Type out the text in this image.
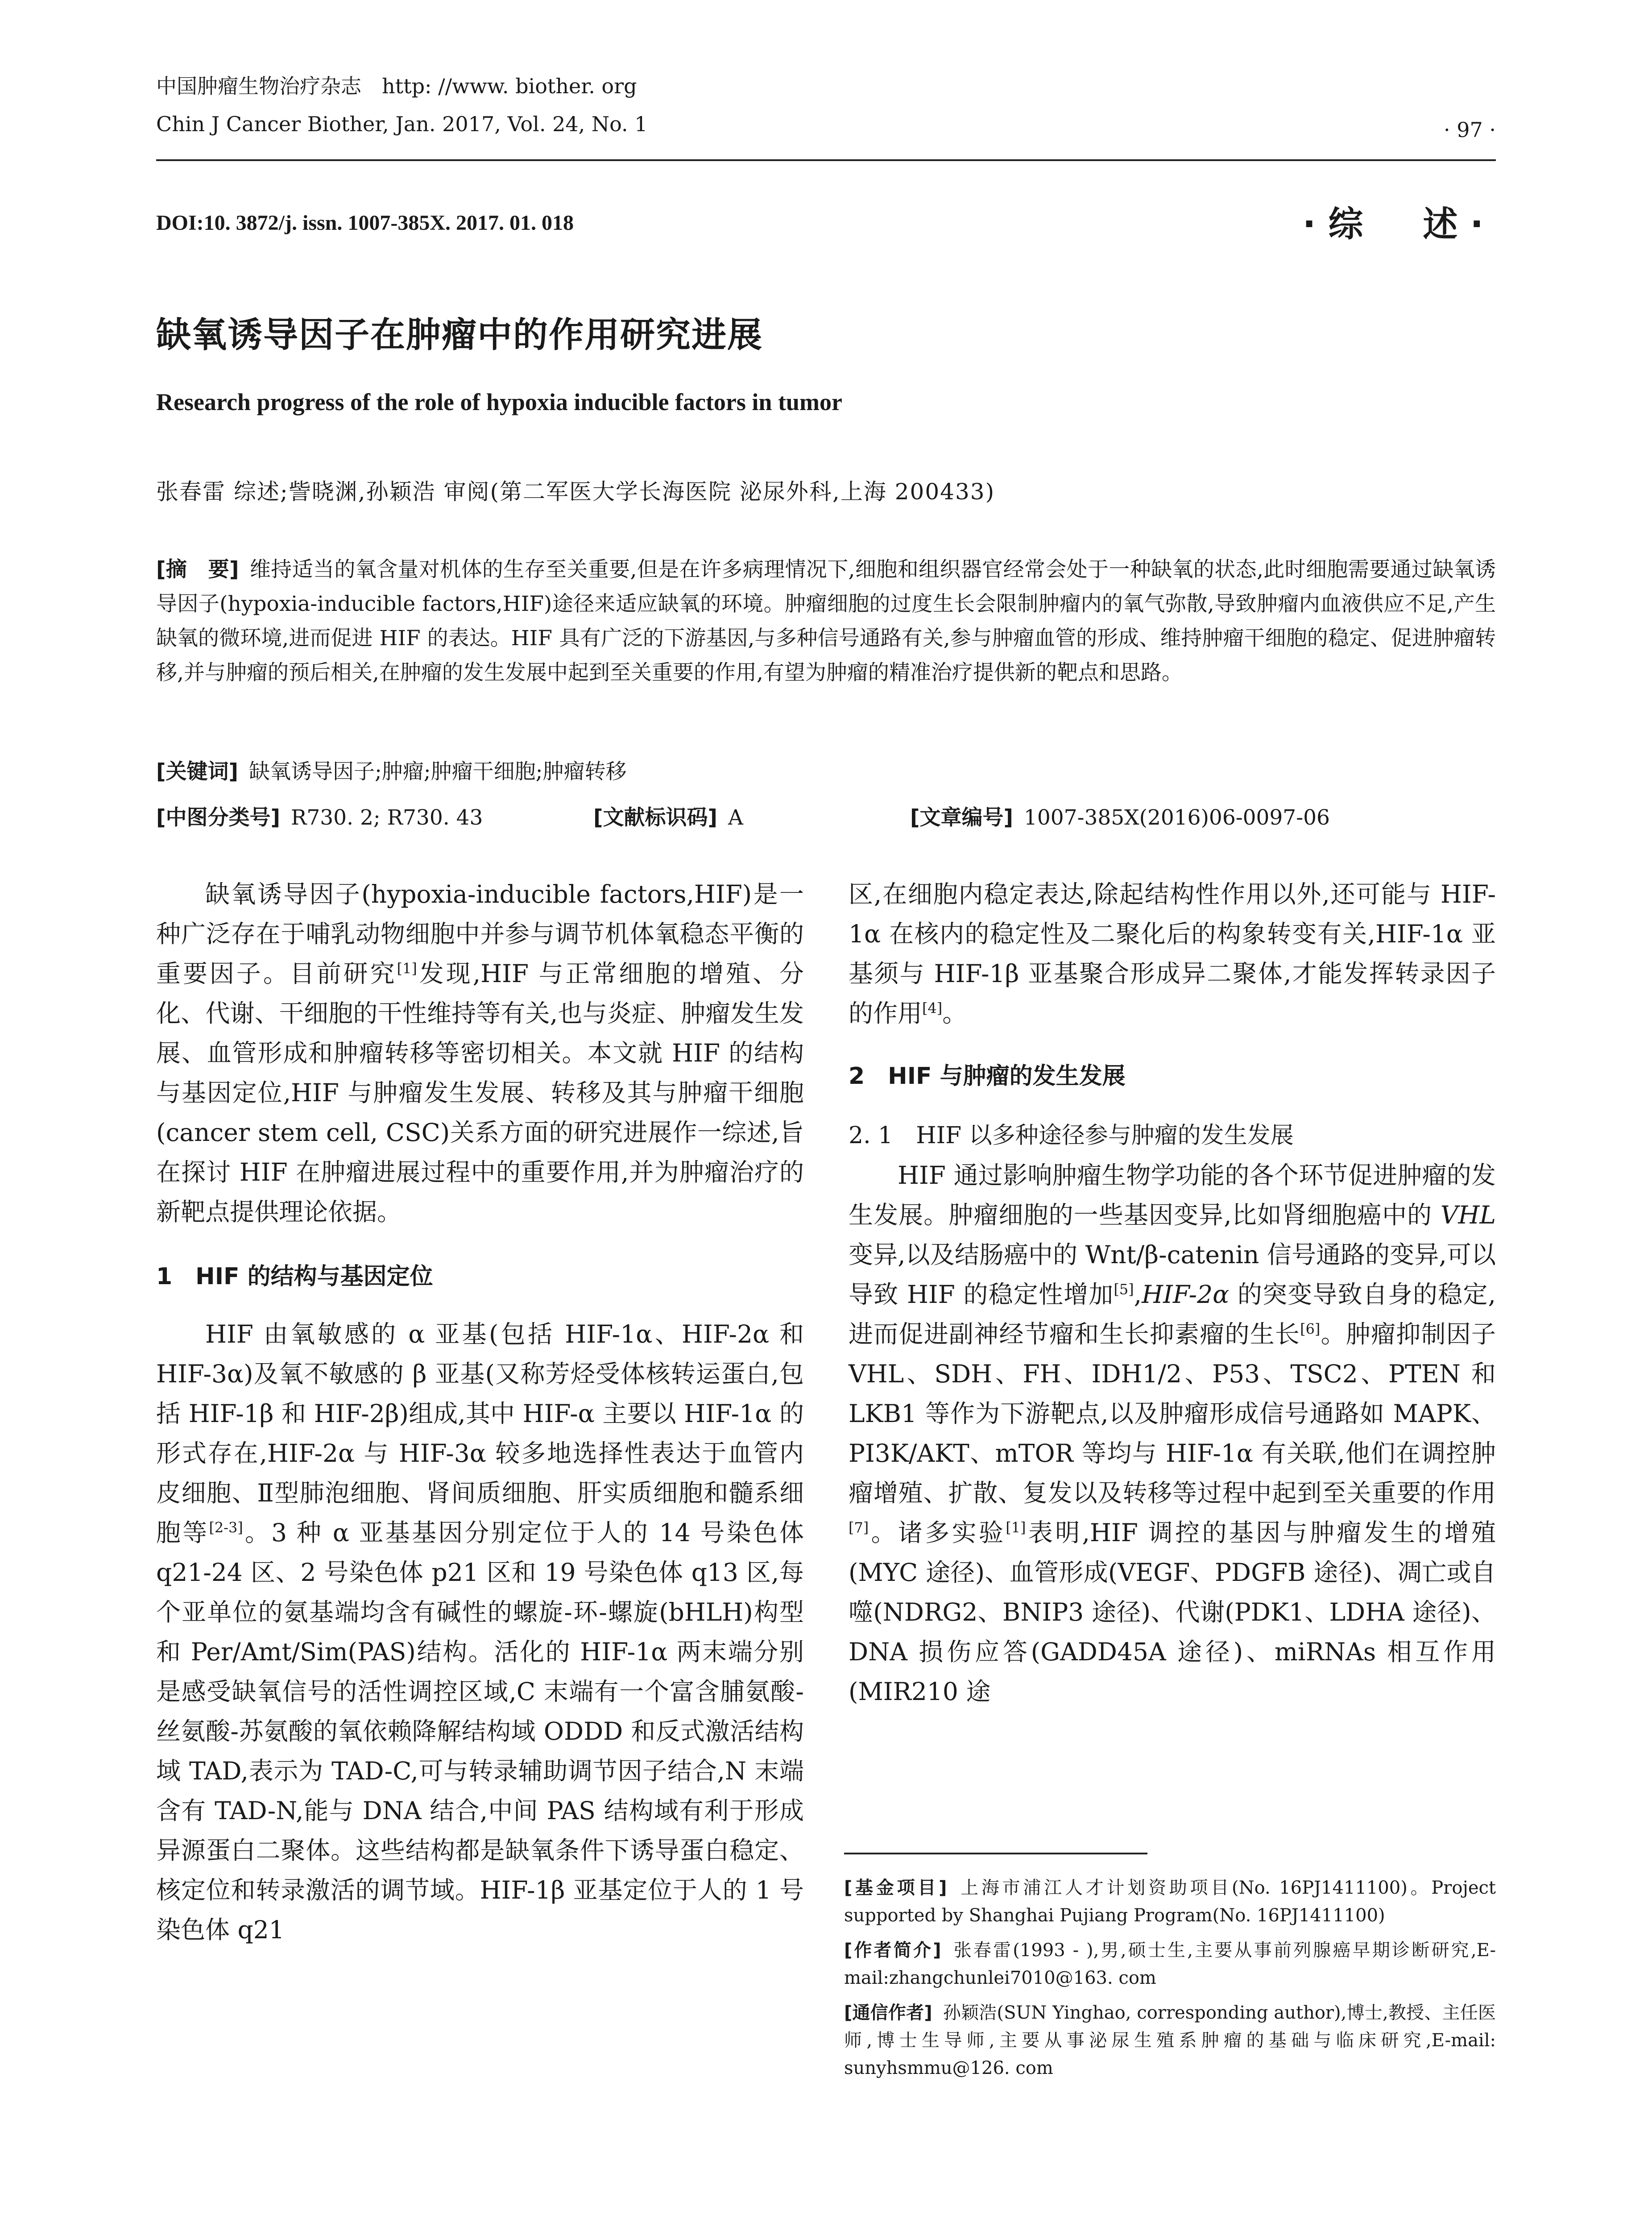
中国肿瘤生物治疗杂志　http: //www. biother. org
Chin J Cancer Biother, Jan. 2017, Vol. 24, No. 1	· 97 ·
DOI:10. 3872/j. issn. 1007-385X. 2017. 01. 018	·综　述·
缺氧诱导因子在肿瘤中的作用研究进展
Research progress of the role of hypoxia inducible factors in tumor
张春雷 综述;訾晓渊,孙颖浩 审阅(第二军医大学长海医院 泌尿外科,上海 200433)
[摘　要] 维持适当的氧含量对机体的生存至关重要,但是在许多病理情况下,细胞和组织器官经常会处于一种缺氧的状态,此时细胞需要通过缺氧诱导因子(hypoxia-inducible factors,HIF)途径来适应缺氧的环境。肿瘤细胞的过度生长会限制肿瘤内的氧气弥散,导致肿瘤内血液供应不足,产生缺氧的微环境,进而促进 HIF 的表达。HIF 具有广泛的下游基因,与多种信号通路有关,参与肿瘤血管的形成、维持肿瘤干细胞的稳定、促进肿瘤转移,并与肿瘤的预后相关,在肿瘤的发生发展中起到至关重要的作用,有望为肿瘤的精准治疗提供新的靶点和思路。
[关键词] 缺氧诱导因子;肿瘤;肿瘤干细胞;肿瘤转移
[中图分类号] R730. 2; R730. 43	[文献标识码] A	[文章编号] 1007-385X(2016)06-0097-06

缺氧诱导因子(hypoxia-inducible factors,HIF)是一种广泛存在于哺乳动物细胞中并参与调节机体氧稳态平衡的重要因子。目前研究[1]发现,HIF 与正常细胞的增殖、分化、代谢、干细胞的干性维持等有关,也与炎症、肿瘤发生发展、血管形成和肿瘤转移等密切相关。本文就 HIF 的结构与基因定位,HIF 与肿瘤发生发展、转移及其与肿瘤干细胞(cancer stem cell, CSC)关系方面的研究进展作一综述,旨在探讨 HIF 在肿瘤进展过程中的重要作用,并为肿瘤治疗的新靶点提供理论依据。

1　HIF 的结构与基因定位

HIF 由氧敏感的 α 亚基(包括 HIF-1α、HIF-2α 和 HIF-3α)及氧不敏感的 β 亚基(又称芳烃受体核转运蛋白,包括 HIF-1β 和 HIF-2β)组成,其中 HIF-α 主要以 HIF-1α 的形式存在,HIF-2α 与 HIF-3α 较多地选择性表达于血管内皮细胞、Ⅱ型肺泡细胞、肾间质细胞、肝实质细胞和髓系细胞等[2-3]。3 种 α 亚基基因分别定位于人的 14 号染色体 q21-24 区、2 号染色体 p21 区和 19 号染色体 q13 区,每个亚单位的氨基端均含有碱性的螺旋-环-螺旋(bHLH)构型和 Per/Amt/Sim(PAS)结构。活化的 HIF-1α 两末端分别是感受缺氧信号的活性调控区域,C 末端有一个富含脯氨酸-丝氨酸-苏氨酸的氧依赖降解结构域 ODDD 和反式激活结构域 TAD,表示为 TAD-C,可与转录辅助调节因子结合,N 末端含有 TAD-N,能与 DNA 结合,中间 PAS 结构域有利于形成异源蛋白二聚体。这些结构都是缺氧条件下诱导蛋白稳定、核定位和转录激活的调节域。HIF-1β 亚基定位于人的 1 号染色体 q21

区,在细胞内稳定表达,除起结构性作用以外,还可能与 HIF-1α 在核内的稳定性及二聚化后的构象转变有关,HIF-1α 亚基须与 HIF-1β 亚基聚合形成异二聚体,才能发挥转录因子的作用[4]。

2　HIF 与肿瘤的发生发展

2. 1　HIF 以多种途径参与肿瘤的发生发展

HIF 通过影响肿瘤生物学功能的各个环节促进肿瘤的发生发展。肿瘤细胞的一些基因变异,比如肾细胞癌中的 VHL 变异,以及结肠癌中的 Wnt/β-catenin 信号通路的变异,可以导致 HIF 的稳定性增加[5],HIF-2α 的突变导致自身的稳定,进而促进副神经节瘤和生长抑素瘤的生长[6]。肿瘤抑制因子 VHL、SDH、FH、IDH1/2、P53、TSC2、PTEN 和 LKB1 等作为下游靶点,以及肿瘤形成信号通路如 MAPK、PI3K/AKT、mTOR 等均与 HIF-1α 有关联,他们在调控肿瘤增殖、扩散、复发以及转移等过程中起到至关重要的作用[7]。诸多实验[1]表明,HIF 调控的基因与肿瘤发生的增殖(MYC 途径)、血管形成(VEGF、PDGFB 途径)、凋亡或自噬(NDRG2、BNIP3 途径)、代谢(PDK1、LDHA 途径)、DNA 损伤应答(GADD45A 途径)、miRNAs 相互作用(MIR210 途

[基金项目] 上海市浦江人才计划资助项目(No. 16PJ1411100)。Project supported by Shanghai Pujiang Program(No. 16PJ1411100)
[作者简介] 张春雷(1993 - ),男,硕士生,主要从事前列腺癌早期诊断研究,E-mail:zhangchunlei7010@163. com
[通信作者] 孙颖浩(SUN Yinghao, corresponding author),博士,教授、主任医师,博士生导师,主要从事泌尿生殖系肿瘤的基础与临床研究,E-mail: sunyhsmmu@126. com
